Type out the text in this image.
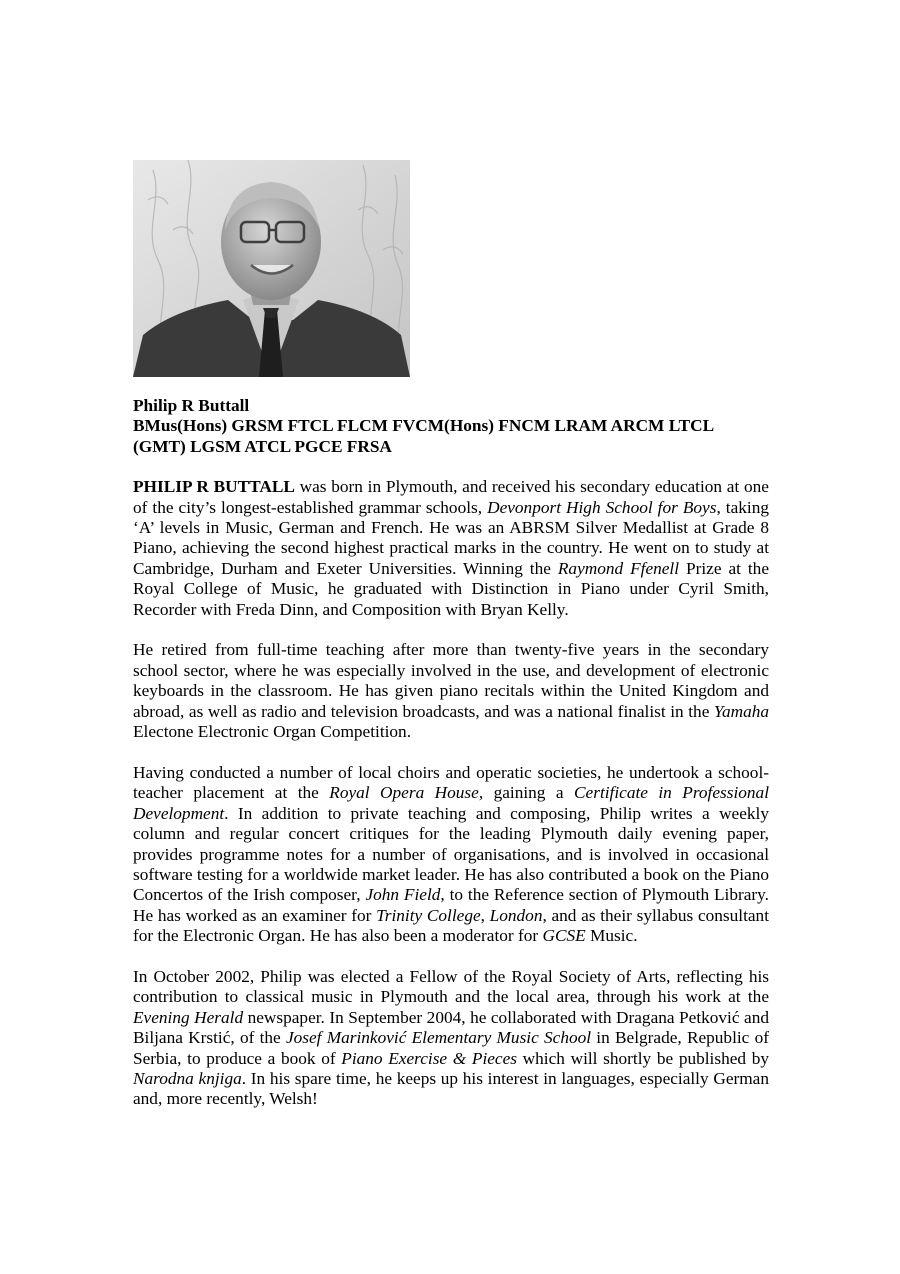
Philip R Buttall

BMus(Hons) GRSM FTCL FLCM FVCM(Hons) FNCM LRAM ARCM LTCL (GMT) LGSM ATCL PGCE FRSA

PHILIP R BUTTALL was born in Plymouth, and received his secondary education at one of the city’s longest-established grammar schools, Devonport High School for Boys, taking ‘A’ levels in Music, German and French. He was an ABRSM Silver Medallist at Grade 8 Piano, achieving the second highest practical marks in the country. He went on to study at Cambridge, Durham and Exeter Universities. Winning the Raymond Ffenell Prize at the Royal College of Music, he graduated with Distinction in Piano under Cyril Smith, Recorder with Freda Dinn, and Composition with Bryan Kelly.

He retired from full-time teaching after more than twenty-five years in the secondary school sector, where he was especially involved in the use, and development of electronic keyboards in the classroom. He has given piano recitals within the United Kingdom and abroad, as well as radio and television broadcasts, and was a national finalist in the Yamaha Electone Electronic Organ Competition.

Having conducted a number of local choirs and operatic societies, he undertook a school-teacher placement at the Royal Opera House, gaining a Certificate in Professional Development. In addition to private teaching and composing, Philip writes a weekly column and regular concert critiques for the leading Plymouth daily evening paper, provides programme notes for a number of organisations, and is involved in occasional software testing for a worldwide market leader. He has also contributed a book on the Piano Concertos of the Irish composer, John Field, to the Reference section of Plymouth Library. He has worked as an examiner for Trinity College, London, and as their syllabus consultant for the Electronic Organ. He has also been a moderator for GCSE Music.

In October 2002, Philip was elected a Fellow of the Royal Society of Arts, reflecting his contribution to classical music in Plymouth and the local area, through his work at the Evening Herald newspaper. In September 2004, he collaborated with Dragana Petković and Biljana Krstić, of the Josef Marinković Elementary Music School in Belgrade, Republic of Serbia, to produce a book of Piano Exercise & Pieces which will shortly be published by Narodna knjiga. In his spare time, he keeps up his interest in languages, especially German and, more recently, Welsh!
